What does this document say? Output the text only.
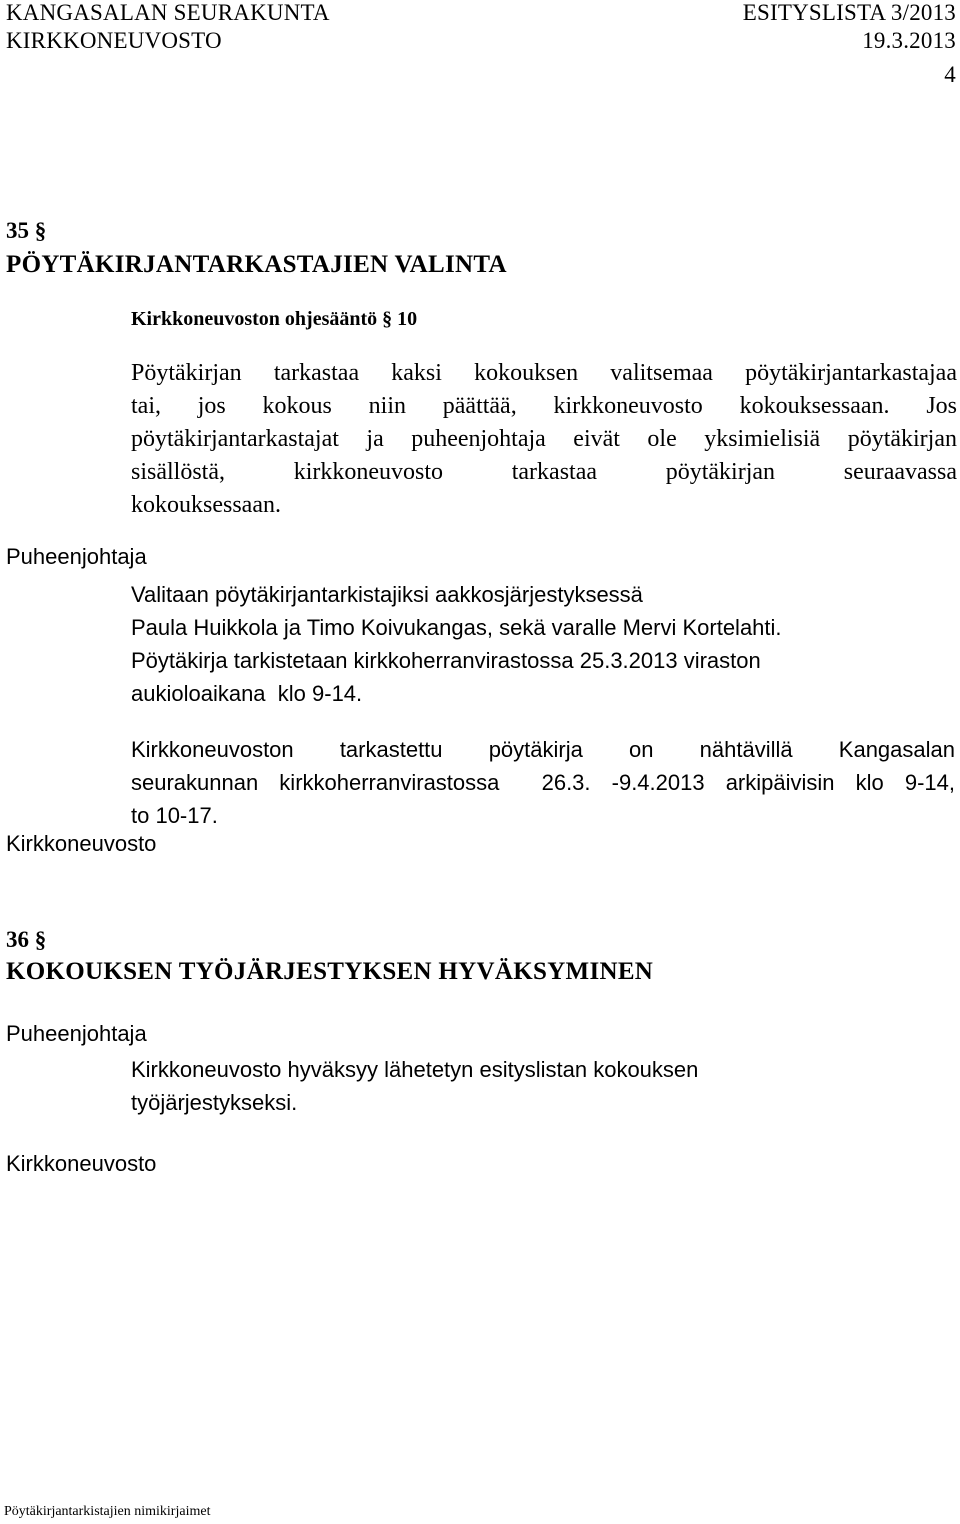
KANGASALAN SEURAKUNTA	ESITYSLISTA 3/2013
KIRKKONEUVOSTO	19.3.2013
4
35 §
PÖYTÄKIRJANTARKASTAJIEN VALINTA
Kirkkoneuvoston ohjesääntö § 10
Pöytäkirjan tarkastaa kaksi kokouksen valitsemaa pöytäkirjantarkastajaa
tai, jos kokous niin päättää, kirkkoneuvosto kokouksessaan. Jos
pöytäkirjantarkastajat ja puheenjohtaja eivät ole yksimielisiä pöytäkirjan
sisällöstä, kirkkoneuvosto tarkastaa pöytäkirjan seuraavassa
kokouksessaan.
Puheenjohtaja
Valitaan pöytäkirjantarkistajiksi aakkosjärjestyksessä
Paula Huikkola ja Timo Koivukangas, sekä varalle Mervi Kortelahti.
Pöytäkirja tarkistetaan kirkkoherranvirastossa 25.3.2013 viraston
aukioloaikana  klo 9-14.
Kirkkoneuvoston tarkastettu pöytäkirja on nähtävillä Kangasalan
seurakunnan kirkkoherranvirastossa  26.3. -9.4.2013 arkipäivisin klo 9-14,
to 10-17.
Kirkkoneuvosto
36 §
KOKOUKSEN TYÖJÄRJESTYKSEN HYVÄKSYMINEN
Puheenjohtaja
Kirkkoneuvosto hyväksyy lähetetyn esityslistan kokouksen
työjärjestykseksi.
Kirkkoneuvosto
Pöytäkirjantarkistajien nimikirjaimet
